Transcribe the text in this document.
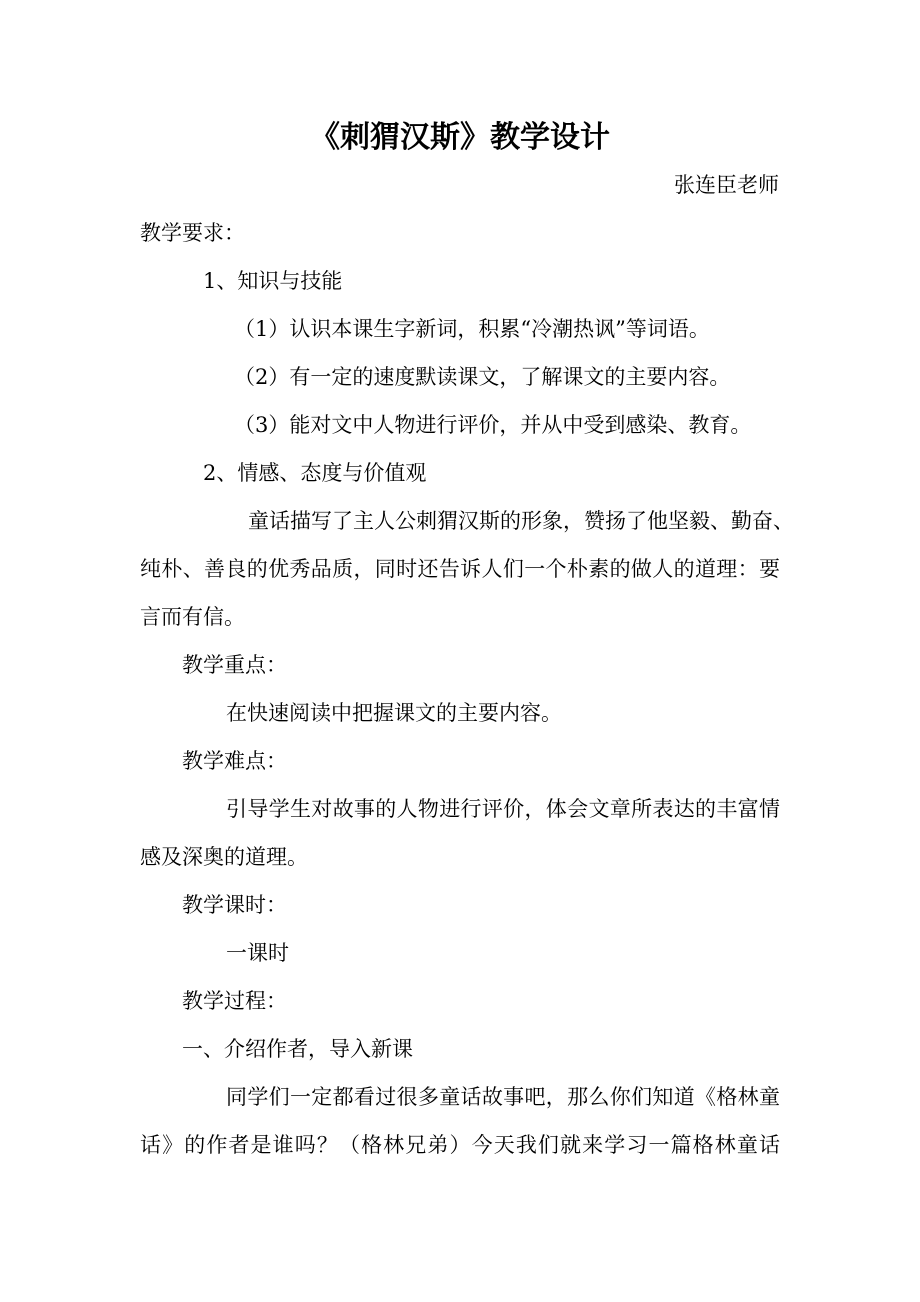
《刺猬汉斯》教学设计
张连臣老师
教学要求：
1、知识与技能
（1）认识本课生字新词，积累“冷潮热讽”等词语。
（2）有一定的速度默读课文，了解课文的主要内容。
（3）能对文中人物进行评价，并从中受到感染、教育。
2、情感、态度与价值观
童话描写了主人公刺猬汉斯的形象，赞扬了他坚毅、勤奋、
纯朴、善良的优秀品质，同时还告诉人们一个朴素的做人的道理：要
言而有信。
教学重点：
在快速阅读中把握课文的主要内容。
教学难点：
引导学生对故事的人物进行评价，体会文章所表达的丰富情
感及深奥的道理。
教学课时：
一课时
教学过程：
一、介绍作者，导入新课
同学们一定都看过很多童话故事吧，那么你们知道《格林童
话》的作者是谁吗？（格林兄弟）今天我们就来学习一篇格林童话
